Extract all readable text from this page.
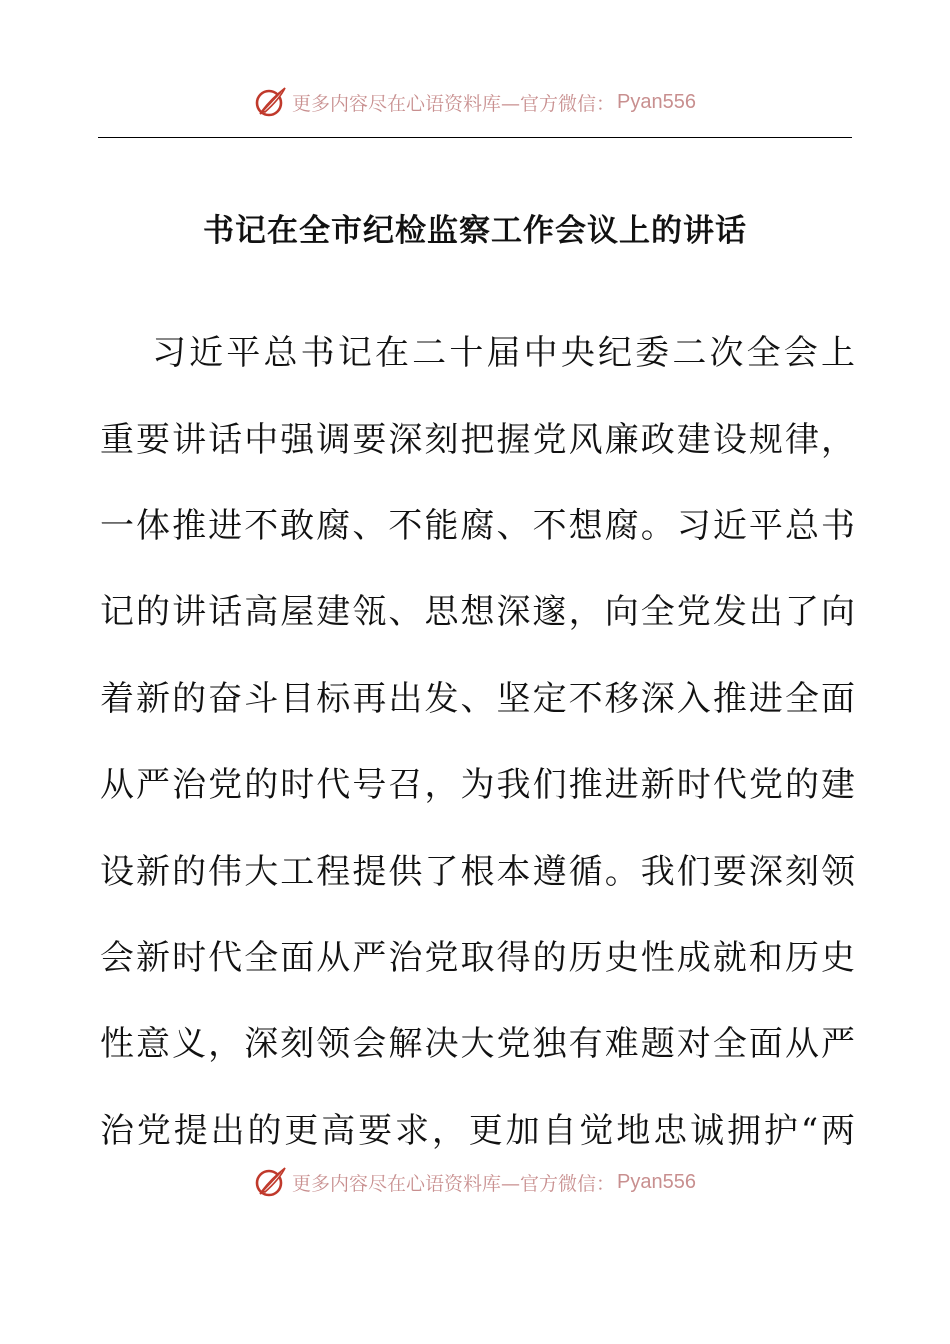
更多内容尽在心语资料库—官方微信： Pyan556
书记在全市纪检监察工作会议上的讲话
习近平总书记在二十届中央纪委二次全会上
重要讲话中强调要深刻把握党风廉政建设规律，
一体推进不敢腐、不能腐、不想腐。习近平总书
记的讲话高屋建瓴、思想深邃，向全党发出了向
着新的奋斗目标再出发、坚定不移深入推进全面
从严治党的时代号召，为我们推进新时代党的建
设新的伟大工程提供了根本遵循。我们要深刻领
会新时代全面从严治党取得的历史性成就和历史
性意义，深刻领会解决大党独有难题对全面从严
治党提出的更高要求，更加自觉地忠诚拥护“两
更多内容尽在心语资料库—官方微信： Pyan556
